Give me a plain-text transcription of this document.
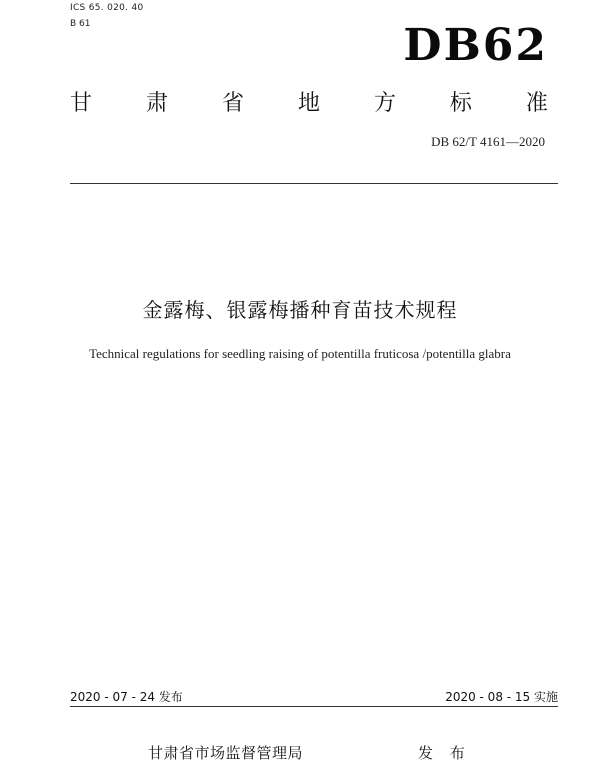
ICS 65. 020. 40
B 61	DB62
甘 肃 省 地 方 标 准
DB 62/T 4161—2020
金露梅、银露梅播种育苗技术规程
Technical regulations for seedling raising of potentilla fruticosa /potentilla glabra
2020 - 07 - 24 发布	2020 - 08 - 15 实施
甘肃省市场监督管理局	发 布
